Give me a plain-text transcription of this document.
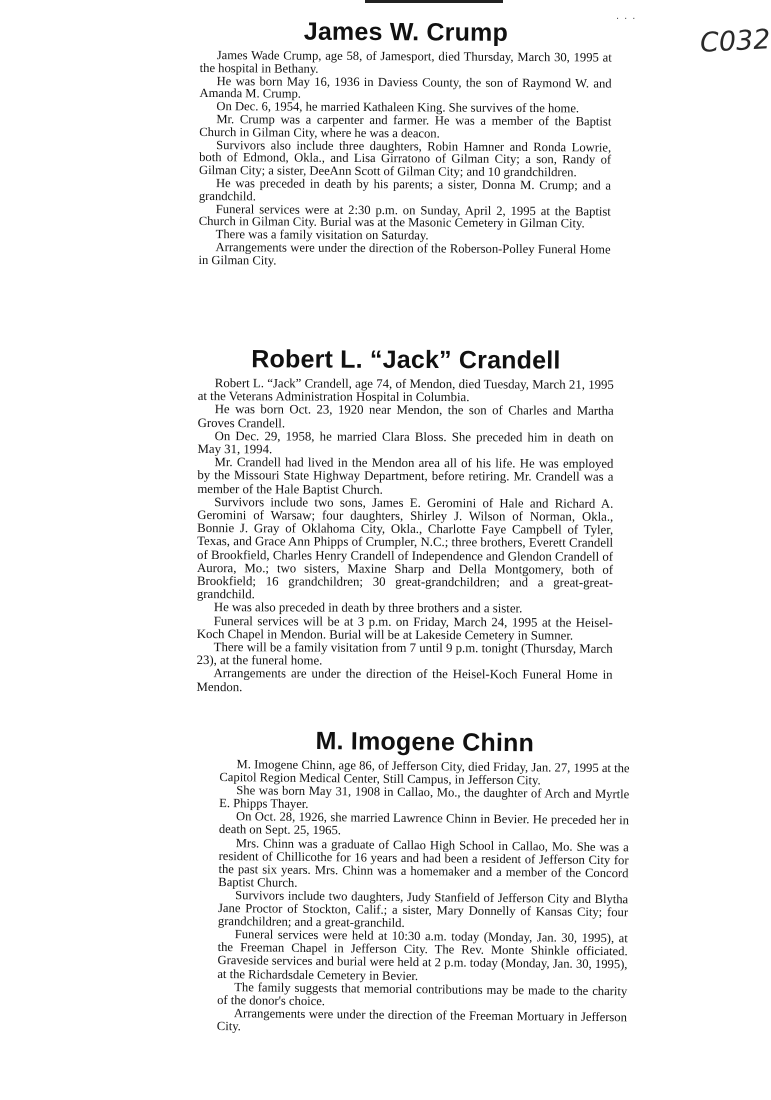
. . .
C032
James W. Crump

James Wade Crump, age 58, of Jamesport, died Thursday, March 30, 1995 at the hospital in Bethany.

He was born May 16, 1936 in Daviess County, the son of Raymond W. and Amanda M. Crump.

On Dec. 6, 1954, he married Kathaleen King. She survives of the home.

Mr. Crump was a carpenter and farmer. He was a member of the Baptist Church in Gilman City, where he was a deacon.

Survivors also include three daughters, Robin Hamner and Ronda Lowrie, both of Edmond, Okla., and Lisa Girratono of Gilman City; a son, Randy of Gilman City; a sister, DeeAnn Scott of Gilman City; and 10 grandchildren.

He was preceded in death by his parents; a sister, Donna M. Crump; and a grandchild.

Funeral services were at 2:30 p.m. on Sunday, April 2, 1995 at the Baptist Church in Gilman City. Burial was at the Masonic Cemetery in Gilman City.

There was a family visitation on Saturday.

Arrangements were under the direction of the Roberson-Polley Funeral Home in Gilman City.

Robert L. “Jack” Crandell

Robert L. “Jack” Crandell, age 74, of Mendon, died Tuesday, March 21, 1995 at the Veterans Administration Hospital in Columbia.

He was born Oct. 23, 1920 near Mendon, the son of Charles and Martha Groves Crandell.

On Dec. 29, 1958, he married Clara Bloss. She preceded him in death on May 31, 1994.

Mr. Crandell had lived in the Mendon area all of his life. He was employed by the Missouri State Highway Department, before retiring. Mr. Crandell was a member of the Hale Baptist Church.

Survivors include two sons, James E. Geromini of Hale and Richard A. Geromini of Warsaw; four daughters, Shirley J. Wilson of Norman, Okla., Bonnie J. Gray of Oklahoma City, Okla., Charlotte Faye Campbell of Tyler, Texas, and Grace Ann Phipps of Crumpler, N.C.; three brothers, Everett Crandell of Brookfield, Charles Henry Crandell of Independence and Glendon Crandell of Aurora, Mo.; two sisters, Maxine Sharp and Della Montgomery, both of Brookfield; 16 grandchildren; 30 great-grandchildren; and a great-great-grandchild.

He was also preceded in death by three brothers and a sister.

Funeral services will be at 3 p.m. on Friday, March 24, 1995 at the Heisel-Koch Chapel in Mendon. Burial will be at Lakeside Cemetery in Sumner.

There will be a family visitation from 7 until 9 p.m. tonight (Thursday, March 23), at the funeral home.

Arrangements are under the direction of the Heisel-Koch Funeral Home in Mendon.

M. Imogene Chinn

M. Imogene Chinn, age 86, of Jefferson City, died Friday, Jan. 27, 1995 at the Capitol Region Medical Center, Still Campus, in Jefferson City.

She was born May 31, 1908 in Callao, Mo., the daughter of Arch and Myrtle E. Phipps Thayer.

On Oct. 28, 1926, she married Lawrence Chinn in Bevier. He preceded her in death on Sept. 25, 1965.

Mrs. Chinn was a graduate of Callao High School in Callao, Mo. She was a resident of Chillicothe for 16 years and had been a resident of Jefferson City for the past six years. Mrs. Chinn was a homemaker and a member of the Concord Baptist Church.

Survivors include two daughters, Judy Stanfield of Jefferson City and Blytha Jane Proctor of Stockton, Calif.; a sister, Mary Donnelly of Kansas City; four grandchildren; and a great-granchild.

Funeral services were held at 10:30 a.m. today (Monday, Jan. 30, 1995), at the Freeman Chapel in Jefferson City. The Rev. Monte Shinkle officiated. Graveside services and burial were held at 2 p.m. today (Monday, Jan. 30, 1995), at the Richardsdale Cemetery in Bevier.

The family suggests that memorial contributions may be made to the charity of the donor's choice.

Arrangements were under the direction of the Freeman Mortuary in Jefferson City.
